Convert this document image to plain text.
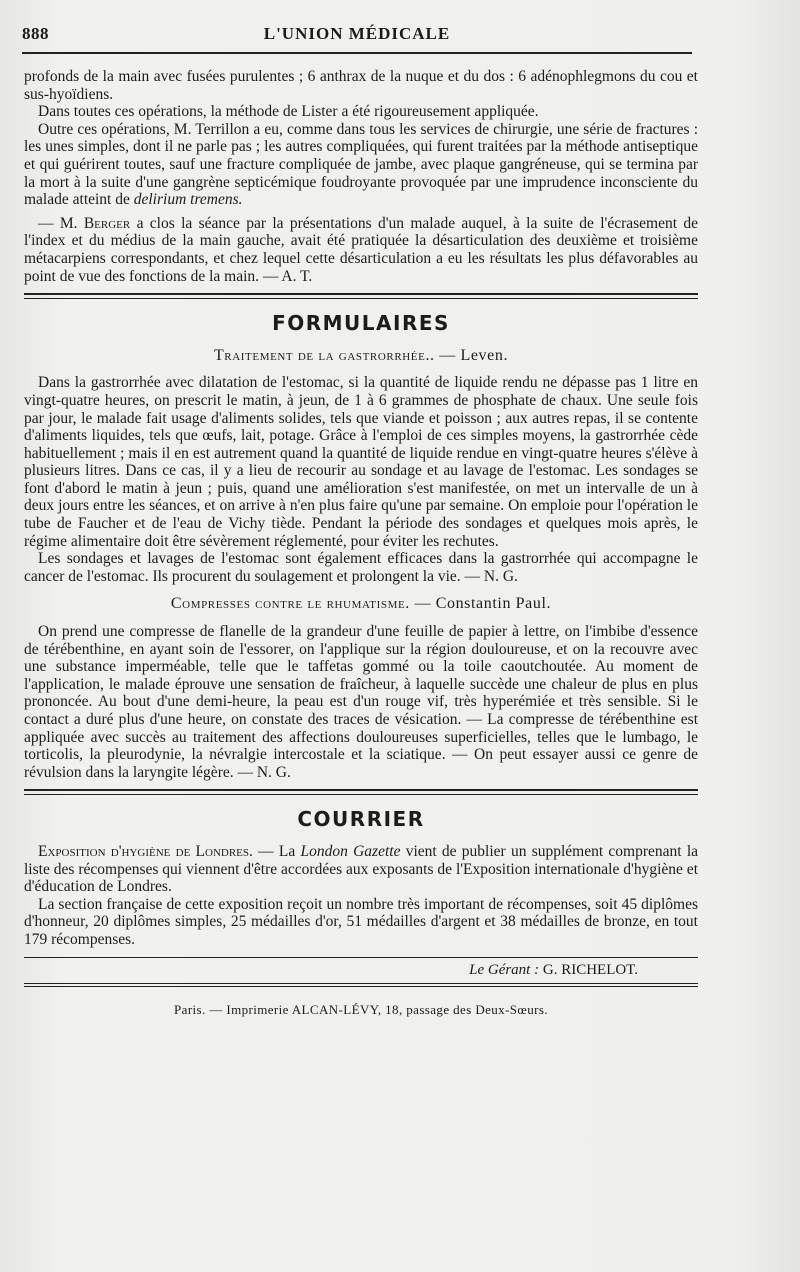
888	L'UNION MÉDICALE

profonds de la main avec fusées purulentes ; 6 anthrax de la nuque et du dos : 6 adénophlegmons du cou et sus-hyoïdiens.

Dans toutes ces opérations, la méthode de Lister a été rigoureusement appliquée.

Outre ces opérations, M. Terrillon a eu, comme dans tous les services de chirurgie, une série de fractures : les unes simples, dont il ne parle pas ; les autres compliquées, qui furent traitées par la méthode antiseptique et qui guérirent toutes, sauf une fracture compliquée de jambe, avec plaque gangréneuse, qui se termina par la mort à la suite d'une gangrène septicémique foudroyante provoquée par une imprudence inconsciente du malade atteint de delirium tremens.

— M. Berger a clos la séance par la présentations d'un malade auquel, à la suite de l'écrasement de l'index et du médius de la main gauche, avait été pratiquée la désarticulation des deuxième et troisième métacarpiens correspondants, et chez lequel cette désarticulation a eu les résultats les plus défavorables au point de vue des fonctions de la main. — A. T.

FORMULAIRES
Traitement de la gastrorrhée.. — Leven.

Dans la gastrorrhée avec dilatation de l'estomac, si la quantité de liquide rendu ne dépasse pas 1 litre en vingt-quatre heures, on prescrit le matin, à jeun, de 1 à 6 grammes de phosphate de chaux. Une seule fois par jour, le malade fait usage d'aliments solides, tels que viande et poisson ; aux autres repas, il se contente d'aliments liquides, tels que œufs, lait, potage. Grâce à l'emploi de ces simples moyens, la gastrorrhée cède habituellement ; mais il en est autrement quand la quantité de liquide rendue en vingt-quatre heures s'élève à plusieurs litres. Dans ce cas, il y a lieu de recourir au sondage et au lavage de l'estomac. Les sondages se font d'abord le matin à jeun ; puis, quand une amélioration s'est manifestée, on met un intervalle de un à deux jours entre les séances, et on arrive à n'en plus faire qu'une par semaine. On emploie pour l'opération le tube de Faucher et de l'eau de Vichy tiède. Pendant la période des sondages et quelques mois après, le régime alimentaire doit être sévèrement réglementé, pour éviter les rechutes.

Les sondages et lavages de l'estomac sont également efficaces dans la gastrorrhée qui accompagne le cancer de l'estomac. Ils procurent du soulagement et prolongent la vie. — N. G.

Compresses contre le rhumatisme. — Constantin Paul.

On prend une compresse de flanelle de la grandeur d'une feuille de papier à lettre, on l'imbibe d'essence de térébenthine, en ayant soin de l'essorer, on l'applique sur la région douloureuse, et on la recouvre avec une substance imperméable, telle que le taffetas gommé ou la toile caoutchoutée. Au moment de l'application, le malade éprouve une sensation de fraîcheur, à laquelle succède une chaleur de plus en plus prononcée. Au bout d'une demi-heure, la peau est d'un rouge vif, très hyperémiée et très sensible. Si le contact a duré plus d'une heure, on constate des traces de vésication. — La compresse de térébenthine est appliquée avec succès au traitement des affections douloureuses superficielles, telles que le lumbago, le torticolis, la pleurodynie, la névralgie intercostale et la sciatique. — On peut essayer aussi ce genre de révulsion dans la laryngite légère. — N. G.

COURRIER

Exposition d'hygiène de Londres. — La London Gazette vient de publier un supplément comprenant la liste des récompenses qui viennent d'être accordées aux exposants de l'Exposition internationale d'hygiène et d'éducation de Londres.

La section française de cette exposition reçoit un nombre très important de récompenses, soit 45 diplômes d'honneur, 20 diplômes simples, 25 médailles d'or, 51 médailles d'argent et 38 médailles de bronze, en tout 179 récompenses.

Le Gérant : G. RICHELOT.
Paris. — Imprimerie ALCAN-LÉVY, 18, passage des Deux-Sœurs.
